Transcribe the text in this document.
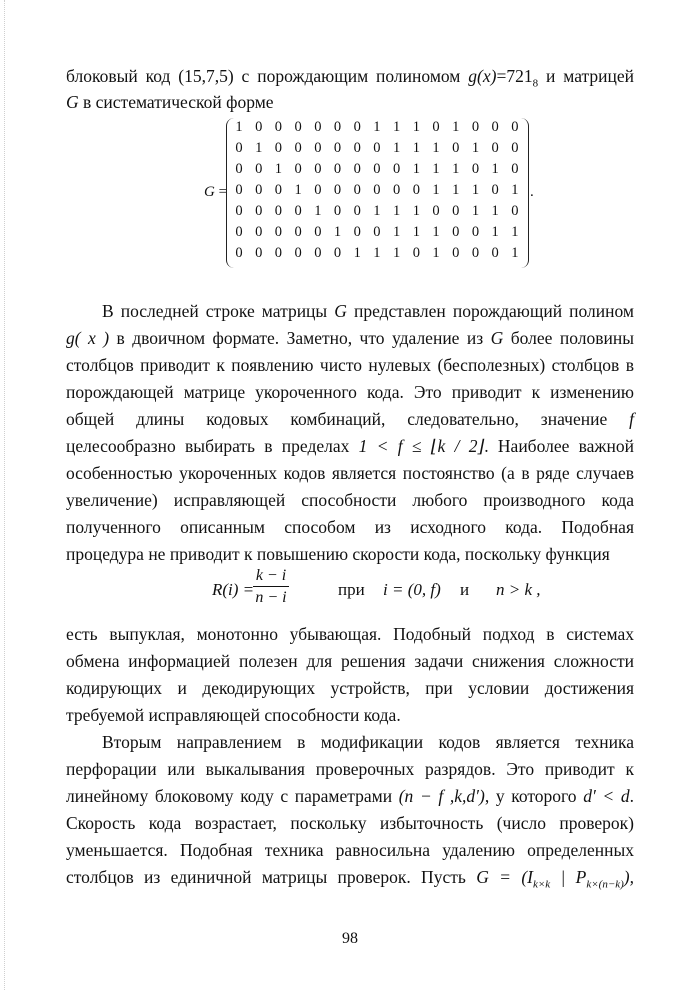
блоковый код (15,7,5) с порождающим полиномом $g(x)=721_8$ и матрицей
G в систематической форме
G =
1 0 0 0 0 0 0 1 1 1 0 1 0 0 0
0 1 0 0 0 0 0 0 1 1 1 0 1 0 0
0 0 1 0 0 0 0 0 0 1 1 1 0 1 0
0 0 0 1 0 0 0 0 0 0 1 1 1 0 1
0 0 0 0 1 0 0 1 1 1 0 0 1 1 0
0 0 0 0 0 1 0 0 1 1 1 0 0 1 1
0 0 0 0 0 0 1 1 1 0 1 0 0 0 1
.
В последней строке матрицы G представлен порождающий полином
g( x ) в двоичном формате. Заметно, что удаление из G более половины
столбцов приводит к появлению чисто нулевых (бесполезных) столбцов в
порождающей матрице укороченного кода. Это приводит к изменению
общей длины кодовых комбинаций, следовательно, значение f
целесообразно выбирать в пределах 1 < f ≤ ⌊k / 2⌋. Наиболее важной
особенностью укороченных кодов является постоянство (а в ряде случаев
увеличение) исправляющей способности любого производного кода
полученного описанным способом из исходного кода. Подобная
процедура не приводит к повышению скорости кода, поскольку функция
R(i) =
$\frac{k - i}{n - i}$	при i = (0, f) и n > k ,
есть выпуклая, монотонно убывающая. Подобный подход в системах
обмена информацией полезен для решения задачи снижения сложности
кодирующих и декодирующих устройств, при условии достижения
требуемой исправляющей способности кода.
Вторым направлением в модификации кодов является техника
перфорации или выкалывания проверочных разрядов. Это приводит к
линейному блоковому коду с параметрами (n − f ,k,d′), у которого d′ < d.
Скорость кода возрастает, поскольку избыточность (число проверок)
уменьшается. Подобная техника равносильна удалению определенных
столбцов из единичной матрицы проверок. Пусть $G = (I_{k\times k}$ | $P_{k\times(n-k)}$),
98
